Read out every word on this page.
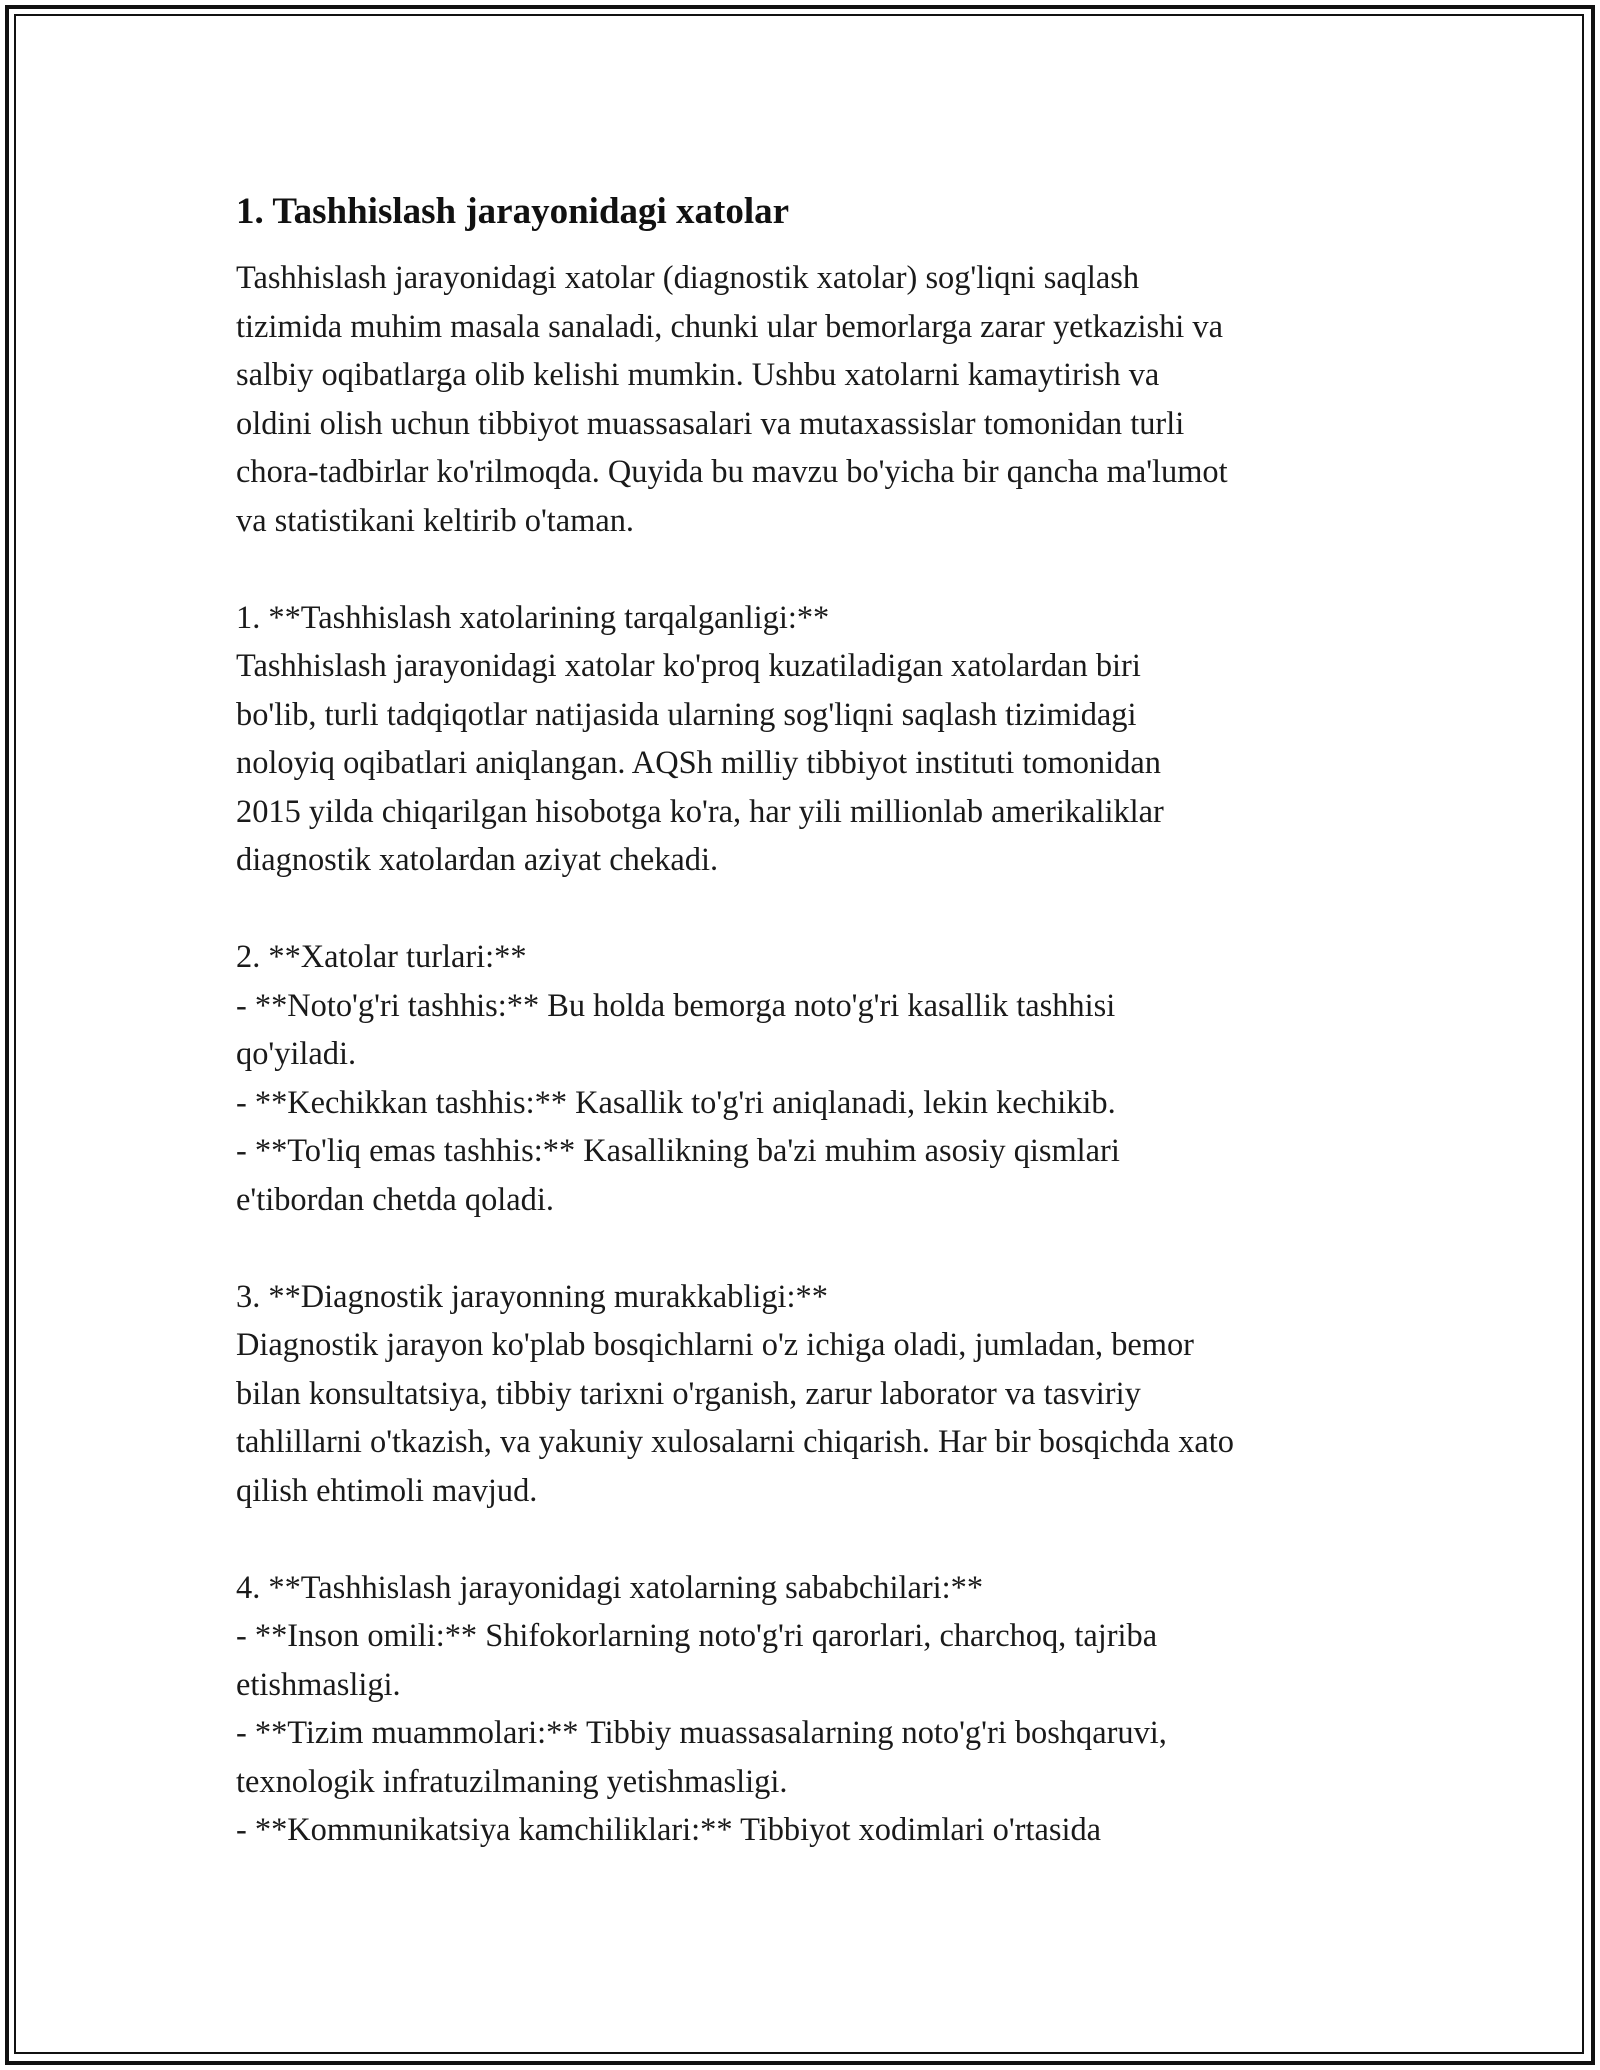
1. Tashhislash jarayonidagi xatolar

Tashhislash jarayonidagi xatolar (diagnostik xatolar) sog'liqni saqlash
tizimida muhim masala sanaladi, chunki ular bemorlarga zarar yetkazishi va
salbiy oqibatlarga olib kelishi mumkin. Ushbu xatolarni kamaytirish va
oldini olish uchun tibbiyot muassasalari va mutaxassislar tomonidan turli
chora-tadbirlar ko'rilmoqda. Quyida bu mavzu bo'yicha bir qancha ma'lumot
va statistikani keltirib o'taman.

1. **Tashhislash xatolarining tarqalganligi:**
Tashhislash jarayonidagi xatolar ko'proq kuzatiladigan xatolardan biri
bo'lib, turli tadqiqotlar natijasida ularning sog'liqni saqlash tizimidagi
noloyiq oqibatlari aniqlangan. AQSh milliy tibbiyot instituti tomonidan
2015 yilda chiqarilgan hisobotga ko'ra, har yili millionlab amerikaliklar
diagnostik xatolardan aziyat chekadi.

2. **Xatolar turlari:**
- **Noto'g'ri tashhis:** Bu holda bemorga noto'g'ri kasallik tashhisi
qo'yiladi.
- **Kechikkan tashhis:** Kasallik to'g'ri aniqlanadi, lekin kechikib.
- **To'liq emas tashhis:** Kasallikning ba'zi muhim asosiy qismlari
e'tibordan chetda qoladi.

3. **Diagnostik jarayonning murakkabligi:**
Diagnostik jarayon ko'plab bosqichlarni o'z ichiga oladi, jumladan, bemor
bilan konsultatsiya, tibbiy tarixni o'rganish, zarur laborator va tasviriy
tahlillarni o'tkazish, va yakuniy xulosalarni chiqarish. Har bir bosqichda xato
qilish ehtimoli mavjud.

4. **Tashhislash jarayonidagi xatolarning sababchilari:**
- **Inson omili:** Shifokorlarning noto'g'ri qarorlari, charchoq, tajriba
etishmasligi.
- **Tizim muammolari:** Tibbiy muassasalarning noto'g'ri boshqaruvi,
texnologik infratuzilmaning yetishmasligi.
- **Kommunikatsiya kamchiliklari:** Tibbiyot xodimlari o'rtasida
